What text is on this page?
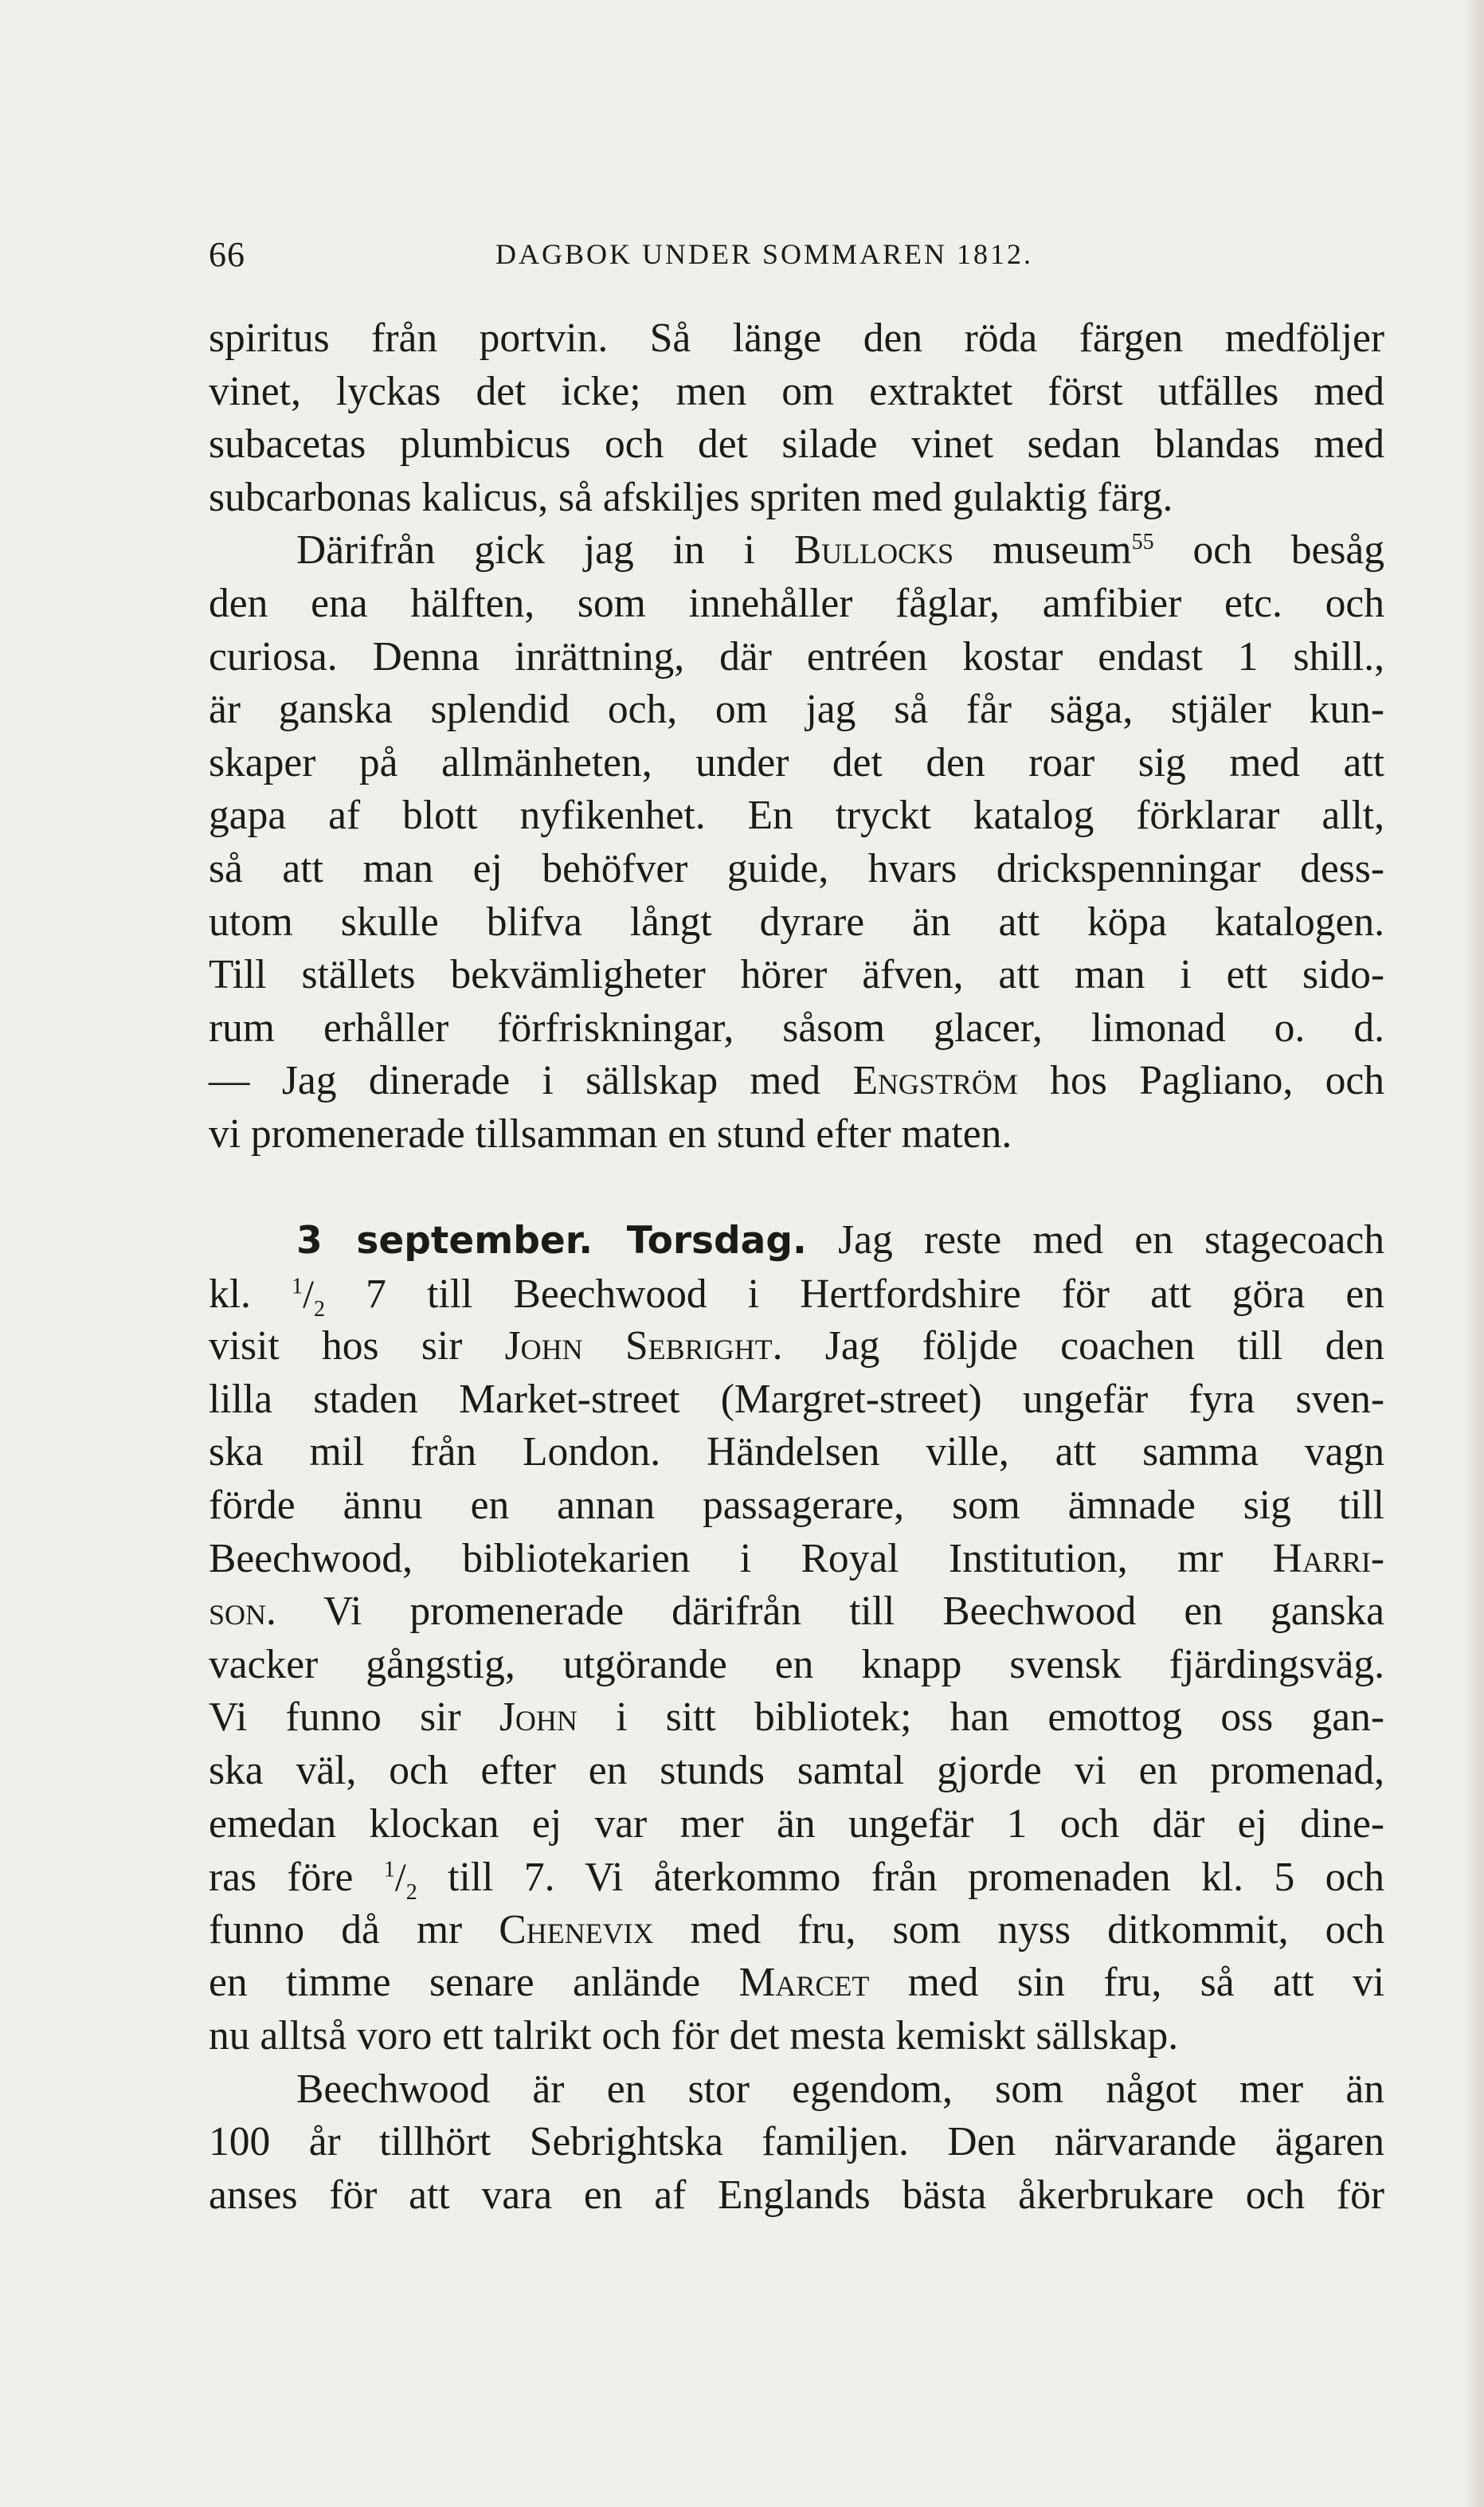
66	DAGBOK UNDER SOMMAREN 1812.
spiritus från portvin. Så länge den röda färgen medföljer
vinet, lyckas det icke; men om extraktet först utfälles med
subacetas plumbicus och det silade vinet sedan blandas med
subcarbonas kalicus, så afskiljes spriten med gulaktig färg.
Därifrån gick jag in i Bullocks museum$^{55}$ och besåg
den ena hälften, som innehåller fåglar, amfibier etc. och
curiosa. Denna inrättning, där entréen kostar endast 1 shill.,
är ganska splendid och, om jag så får säga, stjäler kun-
skaper på allmänheten, under det den roar sig med att
gapa af blott nyfikenhet. En tryckt katalog förklarar allt,
så att man ej behöfver guide, hvars drickspenningar dess-
utom skulle blifva långt dyrare än att köpa katalogen.
Till ställets bekvämligheter hörer äfven, att man i ett sido-
rum erhåller förfriskningar, såsom glacer, limonad o. d.
— Jag dinerade i sällskap med Engström hos Pagliano, och
vi promenerade tillsamman en stund efter maten.
3 september. Torsdag. Jag reste med en stagecoach
kl. $^1/_2$ 7 till Beechwood i Hertfordshire för att göra en
visit hos sir John Sebright. Jag följde coachen till den
lilla staden Market-street (Margret-street) ungefär fyra sven-
ska mil från London. Händelsen ville, att samma vagn
förde ännu en annan passagerare, som ämnade sig till
Beechwood, bibliotekarien i Royal Institution, mr Harri-
son. Vi promenerade därifrån till Beechwood en ganska
vacker gångstig, utgörande en knapp svensk fjärdingsväg.
Vi funno sir John i sitt bibliotek; han emottog oss gan-
ska väl, och efter en stunds samtal gjorde vi en promenad,
emedan klockan ej var mer än ungefär 1 och där ej dine-
ras före $^1/_2$ till 7. Vi återkommo från promenaden kl. 5 och
funno då mr Chenevix med fru, som nyss ditkommit, och
en timme senare anlände Marcet med sin fru, så att vi
nu alltså voro ett talrikt och för det mesta kemiskt sällskap.
Beechwood är en stor egendom, som något mer än
100 år tillhört Sebrightska familjen. Den närvarande ägaren
anses för att vara en af Englands bästa åkerbrukare och för
